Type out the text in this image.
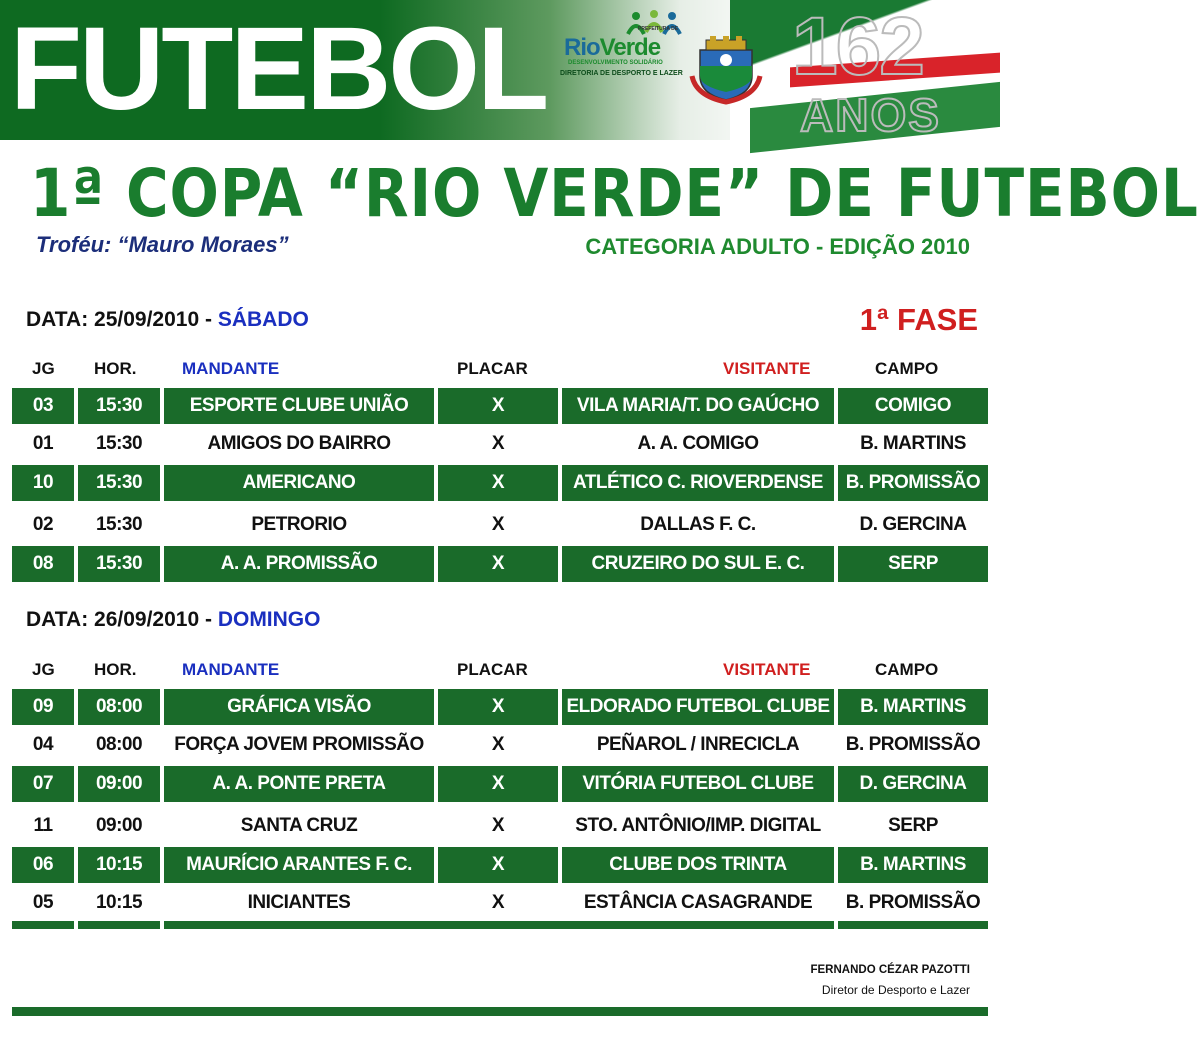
FUTEBOL	162
ANOS
PREFEITURA DE
RioVerde
DESENVOLVIMENTO SOLIDÁRIO
DIRETORIA DE DESPORTO E LAZER
1ª COPA “RIO VERDE” DE FUTEBOL
Troféu: “Mauro Moraes”	CATEGORIA ADULTO - EDIÇÃO 2010
DATA: 25/09/2010 - SÁBADO	1ª FASE
JG HOR.	MANDANTE	PLACAR	VISITANTE	CAMPO
03	15:30	ESPORTE CLUBE UNIÃO	X	VILA MARIA/T. DO GAÚCHO	COMIGO
01	15:30	AMIGOS DO BAIRRO	X	A. A. COMIGO	B. MARTINS
10	15:30	AMERICANO	X	ATLÉTICO C. RIOVERDENSE	B. PROMISSÃO
02	15:30	PETRORIO	X	DALLAS F. C.	D. GERCINA
08	15:30	A. A. PROMISSÃO	X	CRUZEIRO DO SUL E. C.	SERP
DATA: 26/09/2010 - DOMINGO
JG HOR.	MANDANTE	PLACAR	VISITANTE	CAMPO
09	08:00	GRÁFICA VISÃO	X	ELDORADO FUTEBOL CLUBE	B. MARTINS
04	08:00	FORÇA JOVEM PROMISSÃO	X	PEÑAROL / INRECICLA	B. PROMISSÃO
07	09:00	A. A. PONTE PRETA	X	VITÓRIA FUTEBOL CLUBE	D. GERCINA
11	09:00	SANTA CRUZ	X	STO. ANTÔNIO/IMP. DIGITAL	SERP
06	10:15	MAURÍCIO ARANTES F. C.	X	CLUBE DOS TRINTA	B. MARTINS
05	10:15	INICIANTES	X	ESTÂNCIA CASAGRANDE	B. PROMISSÃO
FERNANDO CÉZAR PAZOTTI
Diretor de Desporto e Lazer
